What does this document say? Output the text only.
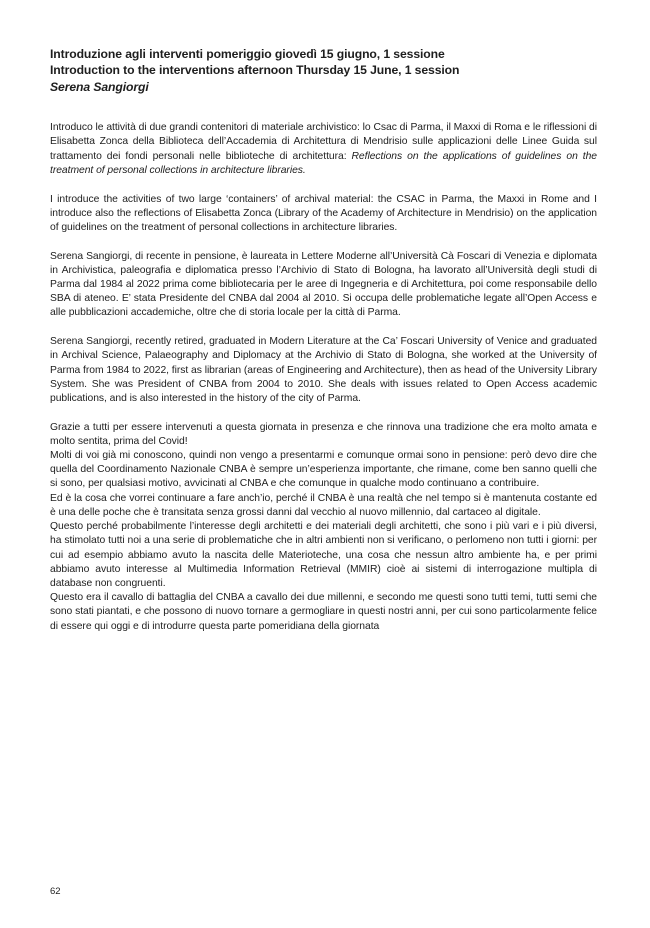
Introduzione agli interventi pomeriggio giovedì 15 giugno, 1 sessione
Introduction to the interventions afternoon Thursday 15 June, 1 session
Serena Sangiorgi

Introduco le attività di due grandi contenitori di materiale archivistico: lo Csac di Parma, il Maxxi di Roma e le riflessioni di Elisabetta Zonca della Biblioteca dell’Accademia di Architettura di Mendrisio sulle applicazioni delle Linee Guida sul trattamento dei fondi personali nelle biblioteche di architettura: Reflections on the applications of guidelines on the treatment of personal collections in architecture libraries.

I introduce the activities of two large ‘containers’ of archival material: the CSAC in Parma, the Maxxi in Rome and I introduce also the reflections of Elisabetta Zonca (Library of the Academy of Architecture in Mendrisio) on the application of guidelines on the treatment of personal collections in architecture libraries.

Serena Sangiorgi, di recente in pensione, è laureata in Lettere Moderne all’Università Cà Foscari di Venezia e diplomata in Archivistica, paleografia e diplomatica presso l’Archivio di Stato di Bologna, ha lavorato all’Università degli studi di Parma dal 1984 al 2022 prima come bibliotecaria per le aree di Ingegneria e di Architettura, poi come responsabile dello SBA di ateneo. E’ stata Presidente del CNBA dal 2004 al 2010. Si occupa delle problematiche legate all’Open Access e alle pubblicazioni accademiche, oltre che di storia locale per la città di Parma.

Serena Sangiorgi, recently retired, graduated in Modern Literature at the Ca’ Foscari University of Venice and graduated in Archival Science, Palaeography and Diplomacy at the Archivio di Stato di Bologna, she worked at the University of Parma from 1984 to 2022, first as librarian (areas of Engineering and Architecture), then as head of the University Library System. She was President of CNBA from 2004 to 2010. She deals with issues related to Open Access academic publications, and is also interested in the history of the city of Parma.

Grazie a tutti per essere intervenuti a questa giornata in presenza e che rinnova una tradizione che era molto amata e molto sentita, prima del Covid!

Molti di voi già mi conoscono, quindi non vengo a presentarmi e comunque ormai sono in pensione: però devo dire che quella del Coordinamento Nazionale CNBA è sempre un’esperienza importante, che rimane, come ben sanno quelli che si sono, per qualsiasi motivo, avvicinati al CNBA e che comunque in qualche modo continuano a contribuire.

Ed è la cosa che vorrei continuare a fare anch’io, perché il CNBA è una realtà che nel tempo si è mantenuta costante ed è una delle poche che è transitata senza grossi danni dal vecchio al nuovo millennio, dal cartaceo al digitale.

Questo perché probabilmente l’interesse degli architetti e dei materiali degli architetti, che sono i più vari e i più diversi, ha stimolato tutti noi a una serie di problematiche che in altri ambienti non si verificano, o perlomeno non tutti i giorni: per cui ad esempio abbiamo avuto la nascita delle Materioteche, una cosa che nessun altro ambiente ha, e per primi abbiamo avuto interesse al Multimedia Information Retrieval (MMIR) cioè ai sistemi di interrogazione multipla di database non congruenti.

Questo era il cavallo di battaglia del CNBA a cavallo dei due millenni, e secondo me questi sono tutti temi, tutti semi che sono stati piantati, e che possono di nuovo tornare a germogliare in questi nostri anni, per cui sono particolarmente felice di essere qui oggi e di introdurre questa parte pomeridiana della giornata

62
